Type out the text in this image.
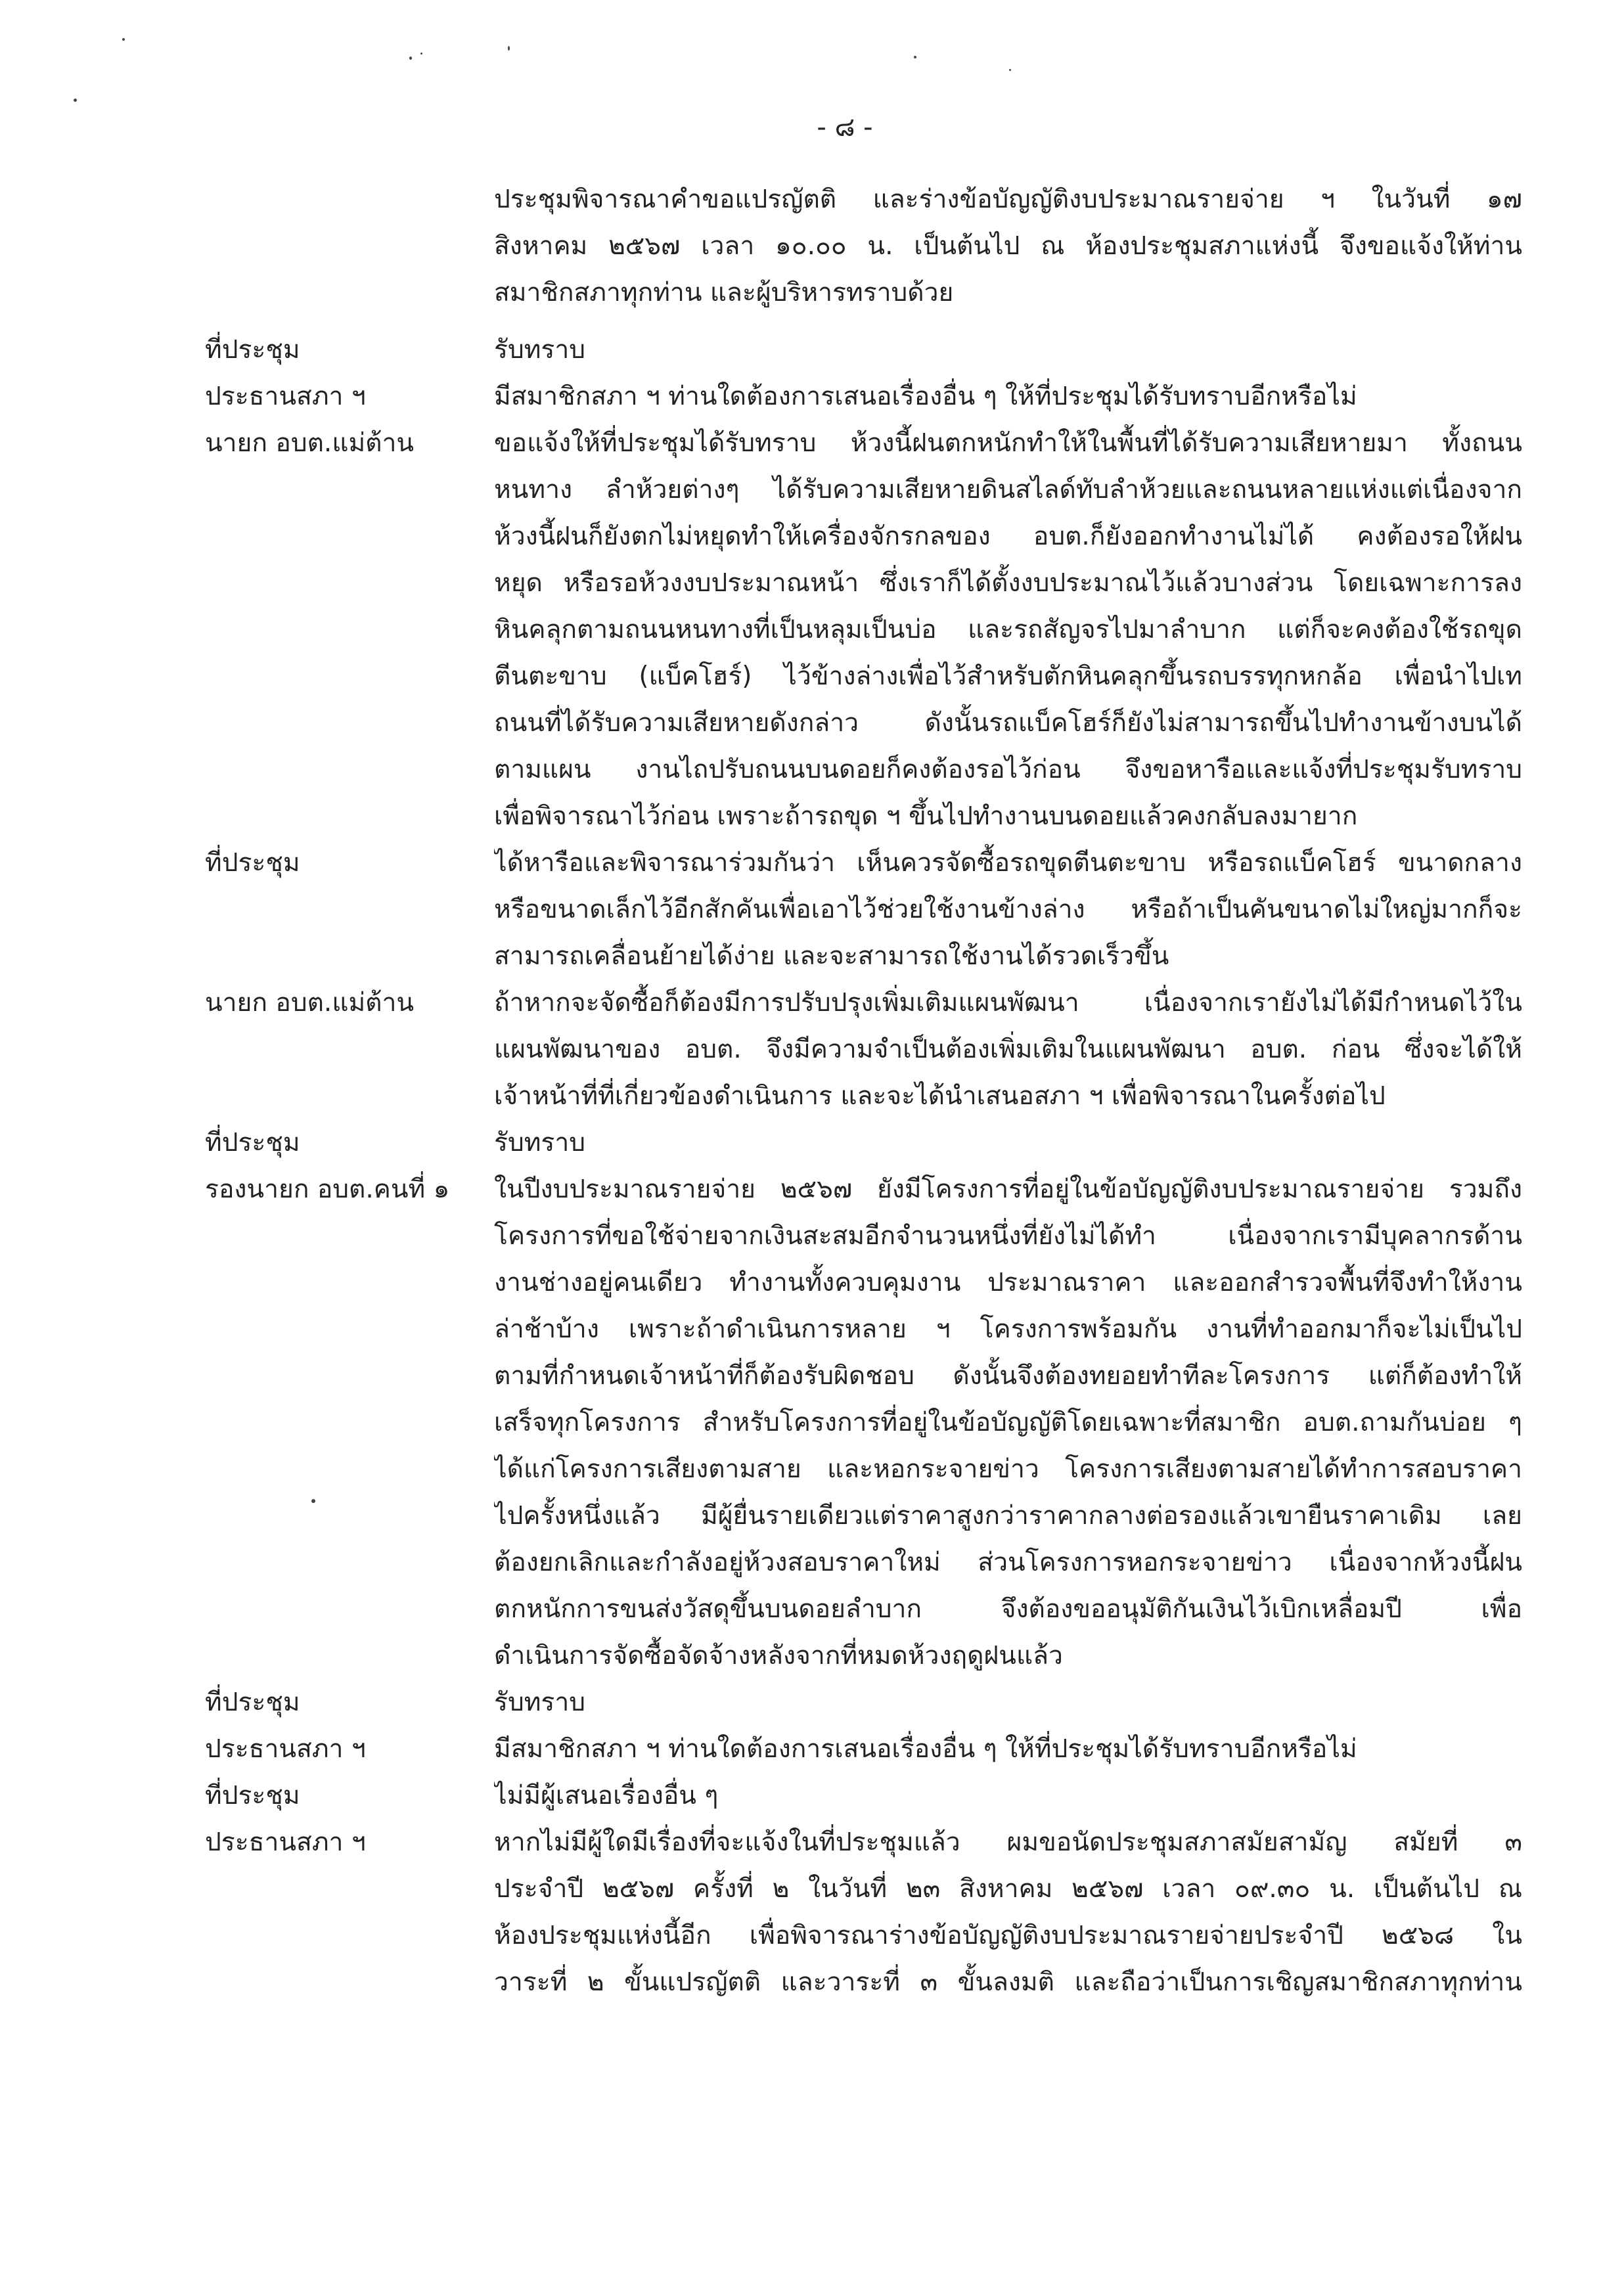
- ๘ -
ประชุมพิจารณาคำขอแปรญัตติ และร่างข้อบัญญัติงบประมาณรายจ่าย ฯ ในวันที่ ๑๗
สิงหาคม ๒๕๖๗ เวลา ๑๐.๐๐ น. เป็นต้นไป ณ ห้องประชุมสภาแห่งนี้ จึงขอแจ้งให้ท่าน
สมาชิกสภาทุกท่าน และผู้บริหารทราบด้วย
ที่ประชุม	รับทราบ
ประธานสภา ฯ	มีสมาชิกสภา ฯ ท่านใดต้องการเสนอเรื่องอื่น ๆ ให้ที่ประชุมได้รับทราบอีกหรือไม่
นายก อบต.แม่ต้าน	ขอแจ้งให้ที่ประชุมได้รับทราบ ห้วงนี้ฝนตกหนักทำให้ในพื้นที่ได้รับความเสียหายมา ทั้งถนน
หนทาง ลำห้วยต่างๆ ได้รับความเสียหายดินสไลด์ทับลำห้วยและถนนหลายแห่งแต่เนื่องจาก
ห้วงนี้ฝนก็ยังตกไม่หยุดทำให้เครื่องจักรกลของ อบต.ก็ยังออกทำงานไม่ได้ คงต้องรอให้ฝน
หยุด หรือรอห้วงงบประมาณหน้า ซึ่งเราก็ได้ตั้งงบประมาณไว้แล้วบางส่วน โดยเฉพาะการลง
หินคลุกตามถนนหนทางที่เป็นหลุมเป็นบ่อ และรถสัญจรไปมาลำบาก แต่ก็จะคงต้องใช้รถขุด
ตีนตะขาบ (แบ็คโฮร์) ไว้ข้างล่างเพื่อไว้สำหรับตักหินคลุกขึ้นรถบรรทุกหกล้อ เพื่อนำไปเท
ถนนที่ได้รับความเสียหายดังกล่าว ดังนั้นรถแบ็คโฮร์ก็ยังไม่สามารถขึ้นไปทำงานข้างบนได้
ตามแผน งานไถปรับถนนบนดอยก็คงต้องรอไว้ก่อน จึงขอหารือและแจ้งที่ประชุมรับทราบ
เพื่อพิจารณาไว้ก่อน เพราะถ้ารถขุด ฯ ขึ้นไปทำงานบนดอยแล้วคงกลับลงมายาก
ที่ประชุม	ได้หารือและพิจารณาร่วมกันว่า เห็นควรจัดซื้อรถขุดตีนตะขาบ หรือรถแบ็คโฮร์ ขนาดกลาง
หรือขนาดเล็กไว้อีกสักคันเพื่อเอาไว้ช่วยใช้งานข้างล่าง หรือถ้าเป็นคันขนาดไม่ใหญ่มากก็จะ
สามารถเคลื่อนย้ายได้ง่าย และจะสามารถใช้งานได้รวดเร็วขึ้น
นายก อบต.แม่ต้าน	ถ้าหากจะจัดซื้อก็ต้องมีการปรับปรุงเพิ่มเติมแผนพัฒนา เนื่องจากเรายังไม่ได้มีกำหนดไว้ใน
แผนพัฒนาของ อบต. จึงมีความจำเป็นต้องเพิ่มเติมในแผนพัฒนา อบต. ก่อน ซึ่งจะได้ให้
เจ้าหน้าที่ที่เกี่ยวข้องดำเนินการ และจะได้นำเสนอสภา ฯ เพื่อพิจารณาในครั้งต่อไป
ที่ประชุม	รับทราบ
รองนายก อบต.คนที่ ๑	ในปีงบประมาณรายจ่าย ๒๕๖๗ ยังมีโครงการที่อยู่ในข้อบัญญัติงบประมาณรายจ่าย รวมถึง
โครงการที่ขอใช้จ่ายจากเงินสะสมอีกจำนวนหนึ่งที่ยังไม่ได้ทำ เนื่องจากเรามีบุคลากรด้าน
งานช่างอยู่คนเดียว ทำงานทั้งควบคุมงาน ประมาณราคา และออกสำรวจพื้นที่จึงทำให้งาน
ล่าช้าบ้าง เพราะถ้าดำเนินการหลาย ฯ โครงการพร้อมกัน งานที่ทำออกมาก็จะไม่เป็นไป
ตามที่กำหนดเจ้าหน้าที่ก็ต้องรับผิดชอบ ดังนั้นจึงต้องทยอยทำทีละโครงการ แต่ก็ต้องทำให้
เสร็จทุกโครงการ สำหรับโครงการที่อยู่ในข้อบัญญัติโดยเฉพาะที่สมาชิก อบต.ถามกันบ่อย ๆ
ได้แก่โครงการเสียงตามสาย และหอกระจายข่าว โครงการเสียงตามสายได้ทำการสอบราคา
ไปครั้งหนึ่งแล้ว มีผู้ยื่นรายเดียวแต่ราคาสูงกว่าราคากลางต่อรองแล้วเขายืนราคาเดิม เลย
ต้องยกเลิกและกำลังอยู่ห้วงสอบราคาใหม่ ส่วนโครงการหอกระจายข่าว เนื่องจากห้วงนี้ฝน
ตกหนักการขนส่งวัสดุขึ้นบนดอยลำบาก จึงต้องขออนุมัติกันเงินไว้เบิกเหลื่อมปี เพื่อ
ดำเนินการจัดซื้อจัดจ้างหลังจากที่หมดห้วงฤดูฝนแล้ว
ที่ประชุม	รับทราบ
ประธานสภา ฯ	มีสมาชิกสภา ฯ ท่านใดต้องการเสนอเรื่องอื่น ๆ ให้ที่ประชุมได้รับทราบอีกหรือไม่
ที่ประชุม	ไม่มีผู้เสนอเรื่องอื่น ๆ
ประธานสภา ฯ	หากไม่มีผู้ใดมีเรื่องที่จะแจ้งในที่ประชุมแล้ว ผมขอนัดประชุมสภาสมัยสามัญ สมัยที่ ๓
ประจำปี ๒๕๖๗ ครั้งที่ ๒ ในวันที่ ๒๓ สิงหาคม ๒๕๖๗ เวลา ๐๙.๓๐ น. เป็นต้นไป ณ
ห้องประชุมแห่งนี้อีก เพื่อพิจารณาร่างข้อบัญญัติงบประมาณรายจ่ายประจำปี ๒๕๖๘ ใน
วาระที่ ๒ ขั้นแปรญัตติ และวาระที่ ๓ ขั้นลงมติ และถือว่าเป็นการเชิญสมาชิกสภาทุกท่าน
